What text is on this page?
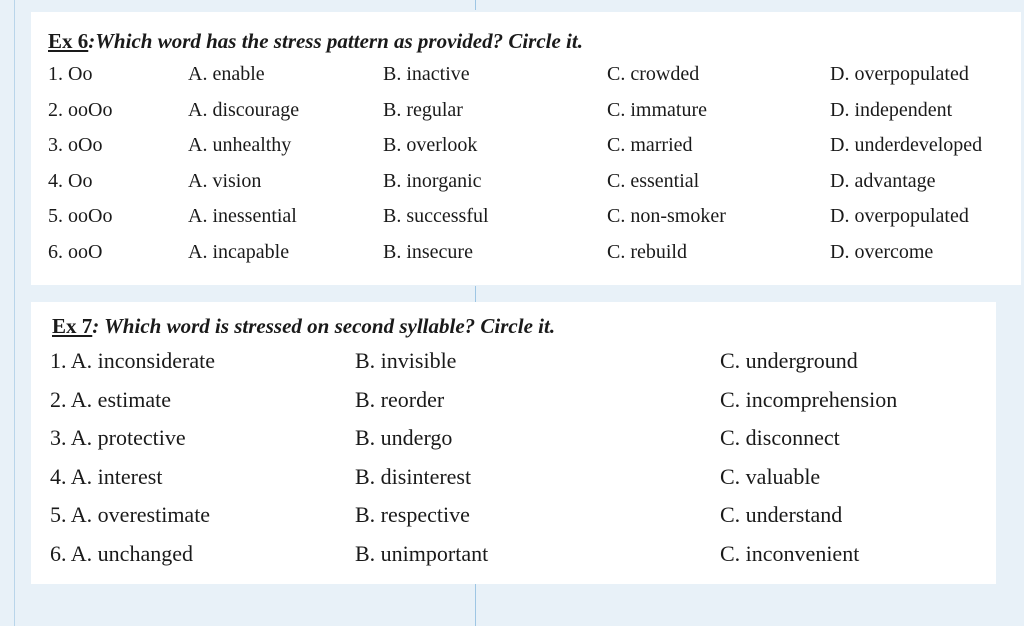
Ex 6:Which word has the stress pattern as provided? Circle it.
1. Oo	A. enable	B. inactive	C. crowded	D. overpopulated
2. ooOo	A. discourage	B. regular	C. immature	D. independent
3. oOo	A. unhealthy	B. overlook	C. married	D. underdeveloped
4. Oo	A. vision	B. inorganic	C. essential	D. advantage
5. ooOo	A. inessential	B. successful	C. non-smoker	D. overpopulated
6. ooO	A. incapable	B. insecure	C. rebuild	D. overcome
Ex 7: Which word is stressed on second syllable? Circle it.
1. A. inconsiderate	B. invisible	C. underground
2. A. estimate	B. reorder	C. incomprehension
3. A. protective	B. undergo	C. disconnect
4. A. interest	B. disinterest	C. valuable
5. A. overestimate	B. respective	C. understand
6. A. unchanged	B. unimportant	C. inconvenient
